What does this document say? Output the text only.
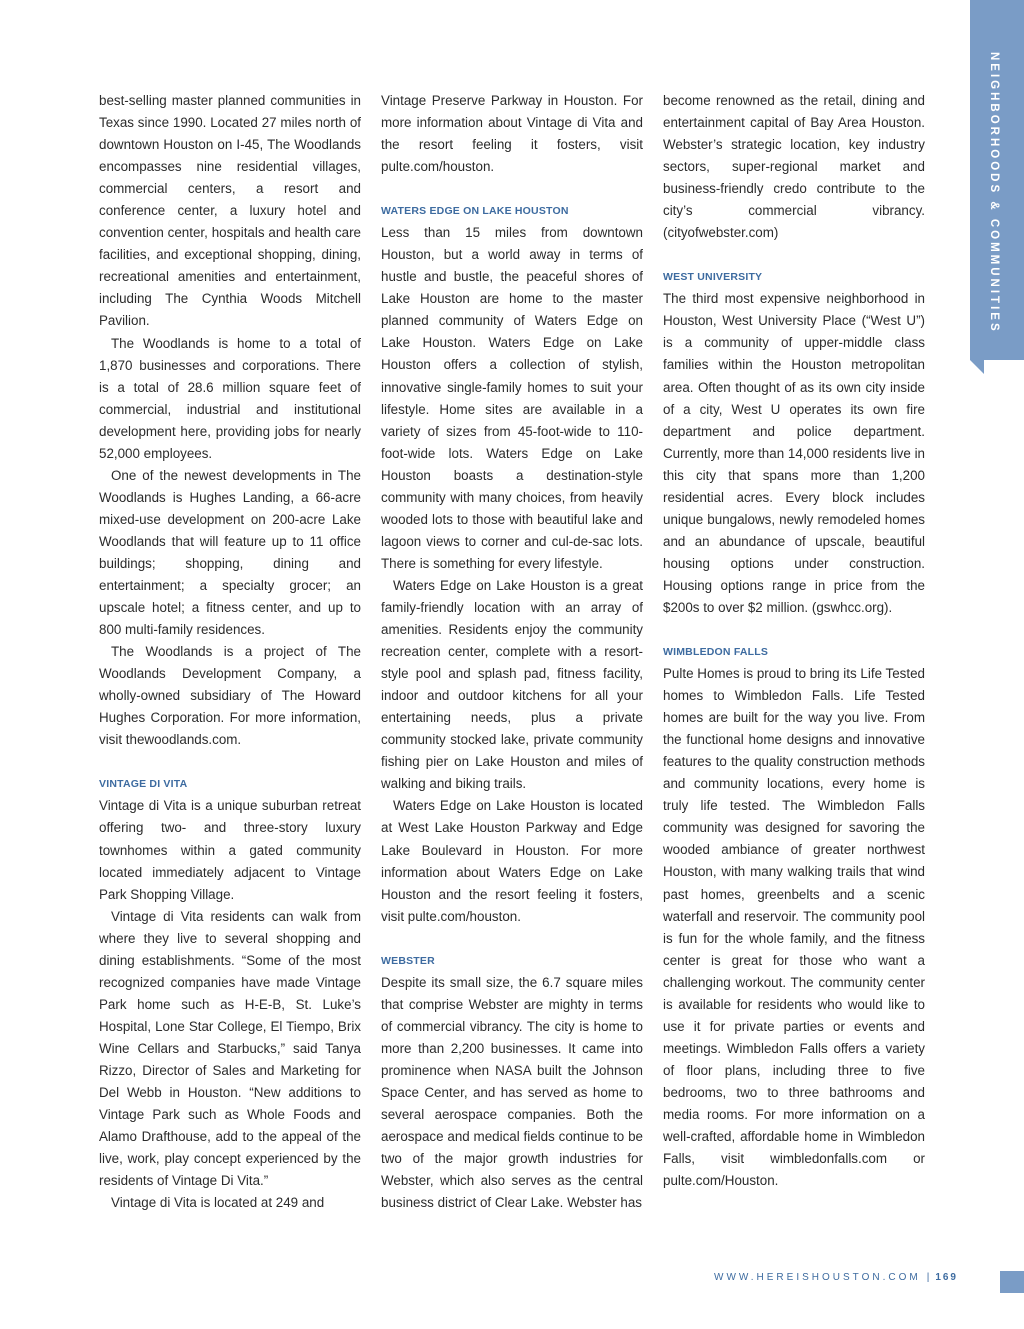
NEIGHBORHOODS & COMMUNITIES

best-selling master planned communities in Texas since 1990. Located 27 miles north of downtown Houston on I-45, The Woodlands encompasses nine residential villages, commercial centers, a resort and conference center, a luxury hotel and convention center, hospitals and health care facilities, and exceptional shopping, dining, recreational amenities and entertainment, including The Cynthia Woods Mitchell Pavilion.

The Woodlands is home to a total of 1,870 businesses and corporations. There is a total of 28.6 million square feet of commercial, industrial and institutional development here, providing jobs for nearly 52,000 employees.

One of the newest developments in The Woodlands is Hughes Landing, a 66-acre mixed-use development on 200-acre Lake Woodlands that will feature up to 11 office buildings; shopping, dining and entertainment; a specialty grocer; an upscale hotel; a fitness center, and up to 800 multi-family residences.

The Woodlands is a project of The Woodlands Development Company, a wholly-owned subsidiary of The Howard Hughes Corporation. For more information, visit thewoodlands.com.

VINTAGE DI VITA

Vintage di Vita is a unique suburban retreat offering two- and three-story luxury townhomes within a gated community located immediately adjacent to Vintage Park Shopping Village.

Vintage di Vita residents can walk from where they live to several shopping and dining establishments. “Some of the most recognized companies have made Vintage Park home such as H-E-B, St. Luke’s Hospital, Lone Star College, El Tiempo, Brix Wine Cellars and Starbucks,” said Tanya Rizzo, Director of Sales and Marketing for Del Webb in Houston. “New additions to Vintage Park such as Whole Foods and Alamo Drafthouse, add to the appeal of the live, work, play concept experienced by the residents of Vintage Di Vita.”

Vintage di Vita is located at 249 and

Vintage Preserve Parkway in Houston. For more information about Vintage di Vita and the resort feeling it fosters, visit pulte.com/houston.

WATERS EDGE ON LAKE HOUSTON

Less than 15 miles from downtown Houston, but a world away in terms of hustle and bustle, the peaceful shores of Lake Houston are home to the master planned community of Waters Edge on Lake Houston. Waters Edge on Lake Houston offers a collection of stylish, innovative single-family homes to suit your lifestyle. Home sites are available in a variety of sizes from 45-foot-wide to 110-foot-wide lots. Waters Edge on Lake Houston boasts a destination-style community with many choices, from heavily wooded lots to those with beautiful lake and lagoon views to corner and cul-de-sac lots. There is something for every lifestyle.

Waters Edge on Lake Houston is a great family-friendly location with an array of amenities. Residents enjoy the community recreation center, complete with a resort-style pool and splash pad, fitness facility, indoor and outdoor kitchens for all your entertaining needs, plus a private community stocked lake, private community fishing pier on Lake Houston and miles of walking and biking trails.

Waters Edge on Lake Houston is located at West Lake Houston Parkway and Edge Lake Boulevard in Houston. For more information about Waters Edge on Lake Houston and the resort feeling it fosters, visit pulte.com/houston.

WEBSTER

Despite its small size, the 6.7 square miles that comprise Webster are mighty in terms of commercial vibrancy. The city is home to more than 2,200 businesses. It came into prominence when NASA built the Johnson Space Center, and has served as home to several aerospace companies. Both the aerospace and medical fields continue to be two of the major growth industries for Webster, which also serves as the central business district of Clear Lake. Webster has

become renowned as the retail, dining and entertainment capital of Bay Area Houston. Webster’s strategic location, key industry sectors, super-regional market and business-friendly credo contribute to the city’s commercial vibrancy. (cityofwebster.com)

WEST UNIVERSITY

The third most expensive neighborhood in Houston, West University Place (“West U”) is a community of upper-middle class families within the Houston metropolitan area. Often thought of as its own city inside of a city, West U operates its own fire department and police department. Currently, more than 14,000 residents live in this city that spans more than 1,200 residential acres. Every block includes unique bungalows, newly remodeled homes and an abundance of upscale, beautiful housing options under construction. Housing options range in price from the $200s to over $2 million. (gswhcc.org).

WIMBLEDON FALLS

Pulte Homes is proud to bring its Life Tested homes to Wimbledon Falls. Life Tested homes are built for the way you live. From the functional home designs and innovative features to the quality construction methods and community locations, every home is truly life tested. The Wimbledon Falls community was designed for savoring the wooded ambiance of greater northwest Houston, with many walking trails that wind past homes, greenbelts and a scenic waterfall and reservoir. The community pool is fun for the whole family, and the fitness center is great for those who want a challenging workout. The community center is available for residents who would like to use it for private parties or events and meetings. Wimbledon Falls offers a variety of floor plans, including three to five bedrooms, two to three bathrooms and media rooms. For more information on a well-crafted, affordable home in Wimbledon Falls, visit wimbledonfalls.com or pulte.com/Houston.

WWW.HEREISHOUSTON.COM | 169
